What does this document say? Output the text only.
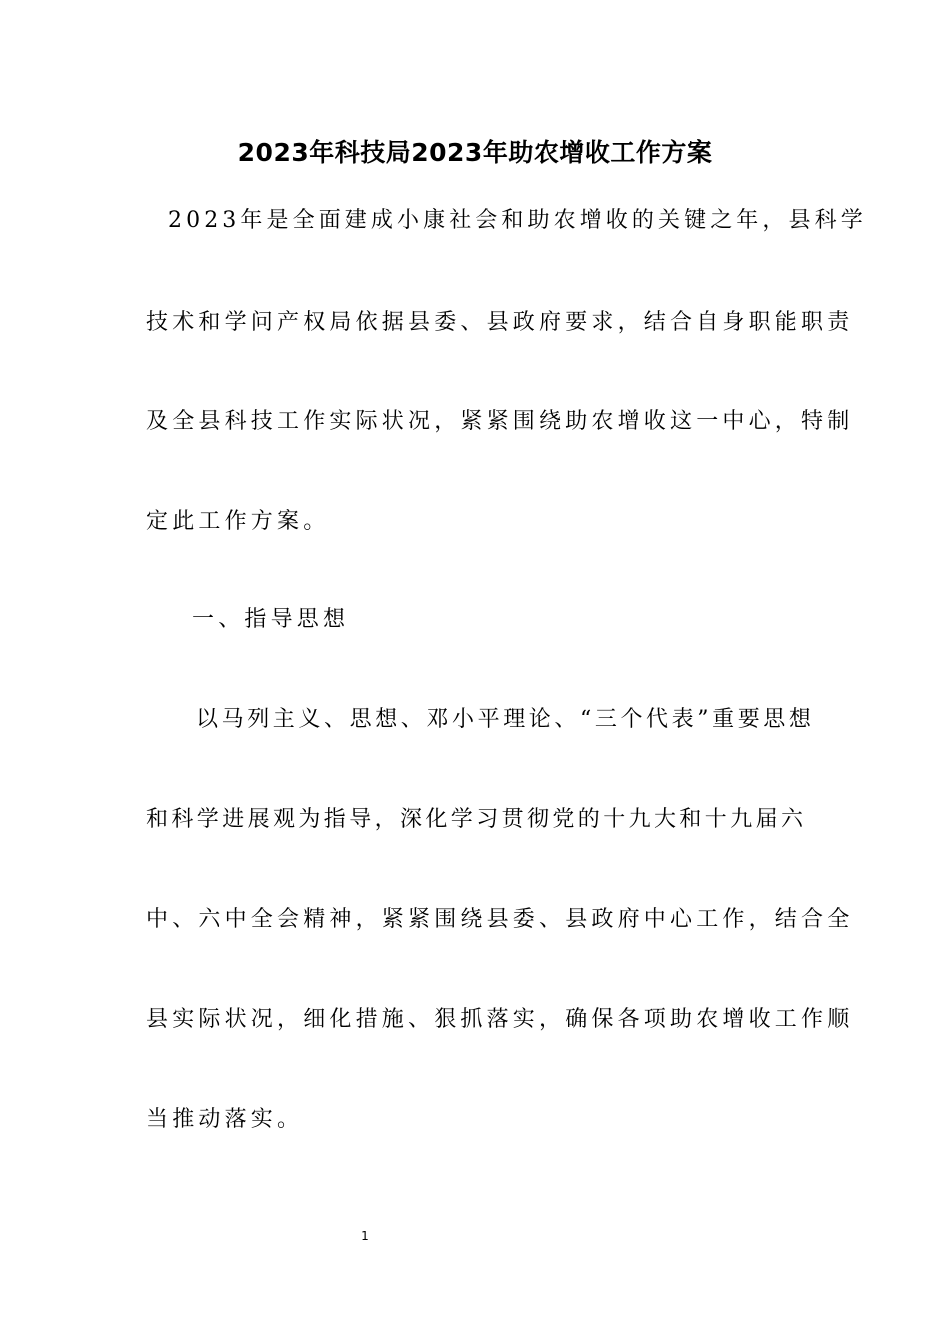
2023年科技局2023年助农增收工作方案
2023年是全面建成小康社会和助农增收的关键之年，县科学
技术和学问产权局依据县委、县政府要求，结合自身职能职责
及全县科技工作实际状况，紧紧围绕助农增收这一中心，特制
定此工作方案。
一、指导思想
以马列主义、思想、邓小平理论、“三个代表”重要思想
和科学进展观为指导，深化学习贯彻党的十九大和十九届六
中、六中全会精神，紧紧围绕县委、县政府中心工作，结合全
县实际状况，细化措施、狠抓落实，确保各项助农增收工作顺
当推动落实。
1
